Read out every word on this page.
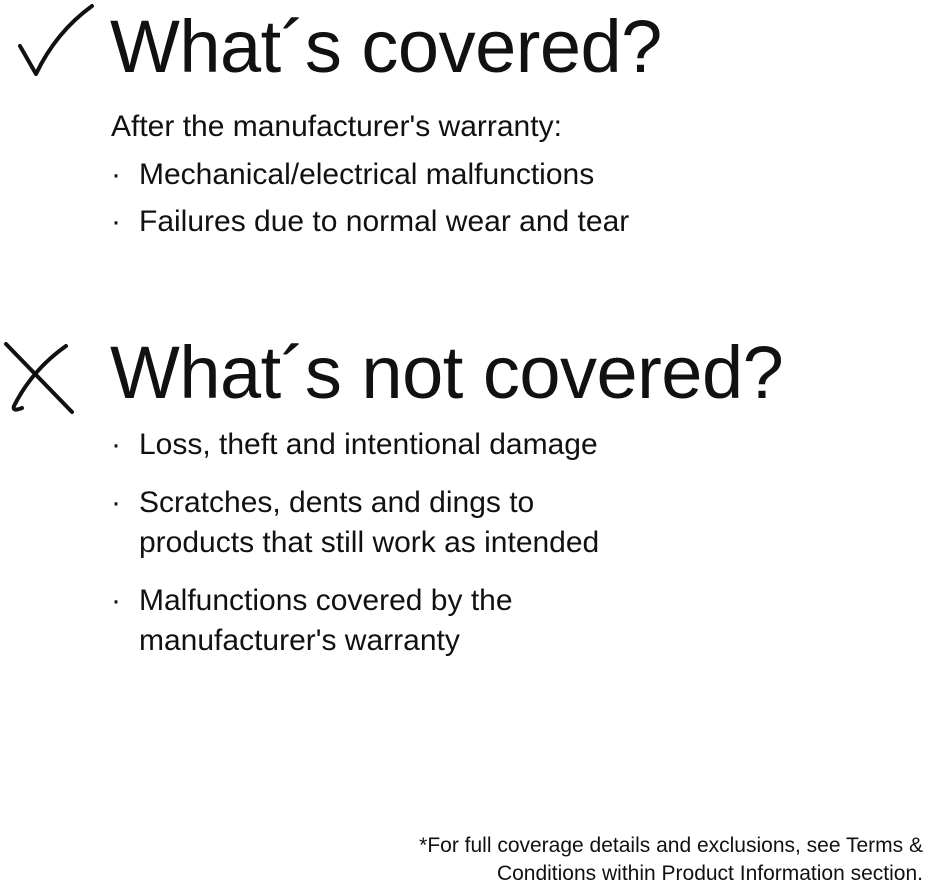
What´s covered?
After the manufacturer's warranty:
· Mechanical/electrical malfunctions
· Failures due to normal wear and tear
What´s not covered?
· Loss, theft and intentional damage
· Scratches, dents and dings to
products that still work as intended
· Malfunctions covered by the
manufacturer's warranty
*For full coverage details and exclusions, see Terms &
Conditions within Product Information section.
